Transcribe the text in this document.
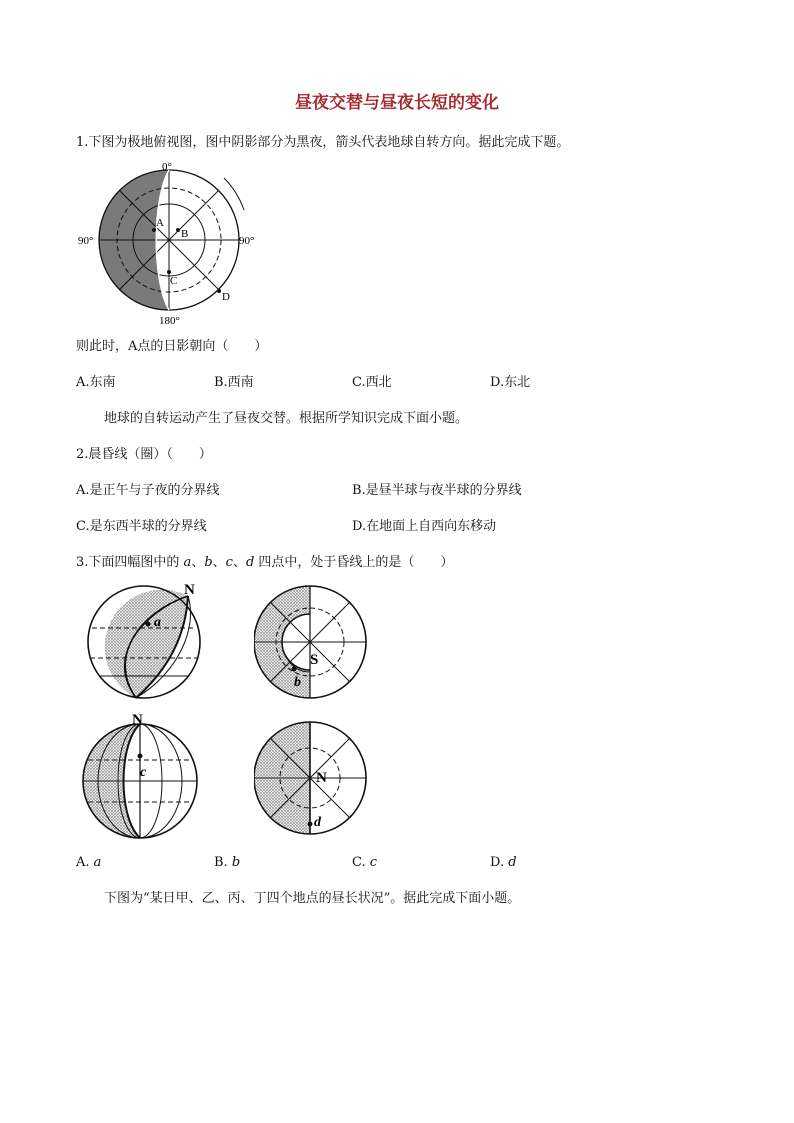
昼夜交替与昼夜长短的变化
1.下图为极地俯视图，图中阴影部分为黑夜，箭头代表地球自转方向。据此完成下题。
0°
90°	90°
180°
A
B
C
D
则此时，A点的日影朝向（　　）
A.东南	B.西南	C.西北	D.东北
地球的自转运动产生了昼夜交替。根据所学知识完成下面小题。
2.晨昏线（圈）（　　）
A.是正午与子夜的分界线	B.是昼半球与夜半球的分界线
C.是东西半球的分界线	D.在地面上自西向东移动
3.下面四幅图中的 a、b、c、d 四点中，处于昏线上的是（　　）
N
a
S
b
N
c	N
d
A. a	B. b	C. c	D. d
下图为“某日甲、乙、丙、丁四个地点的昼长状况”。据此完成下面小题。
